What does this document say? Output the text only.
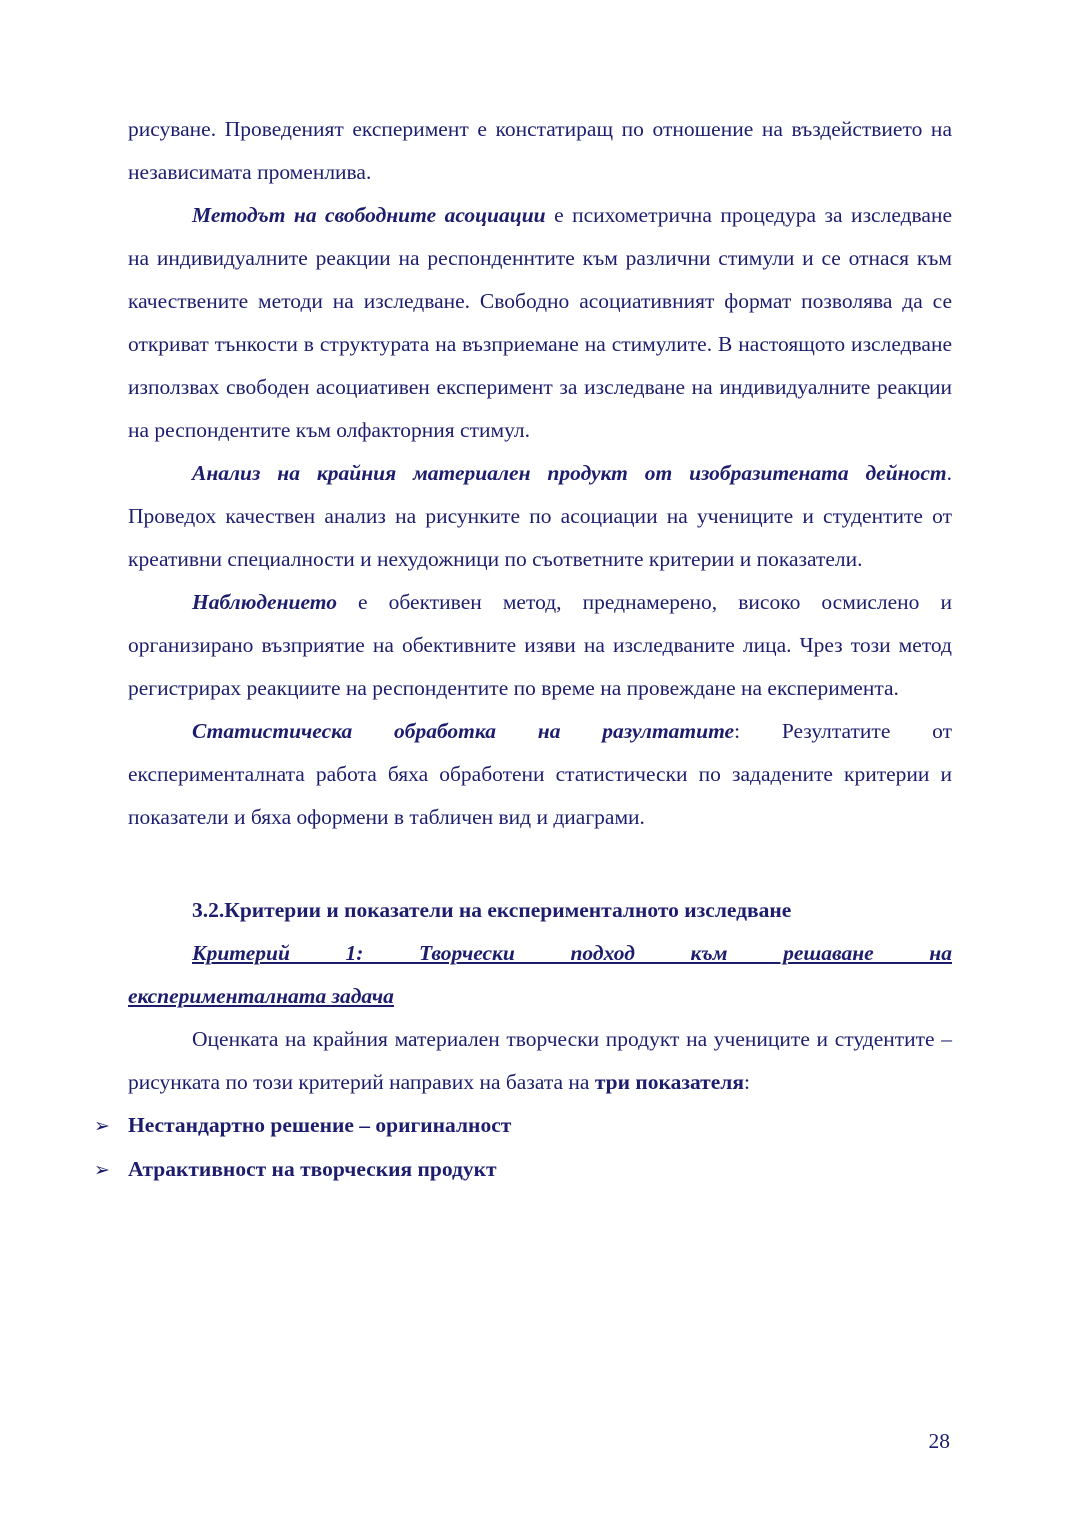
рисуване. Проведеният експеримент е констатиращ по отношение на въздействието на независимата променлива.

Методът на свободните асоциации е психометрична процедура за изследване на индивидуалните реакции на респонденнтите към различни стимули и се отнася към качествените методи на изследване. Свободно асоциативният формат позволява да се откриват тънкости в структурата на възприемане на стимулите. В настоящото изследване използвах свободен асоциативен експеримент за изследване на индивидуалните реакции на респондентите към олфакторния стимул.

Анализ на крайния материален продукт от изобразитената дейност. Проведох качествен анализ на рисунките по асоциации на учениците и студентите от креативни специалности и нехудожници по съответните критерии и показатели.

Наблюдението е обективен метод, преднамерено, високо осмислено и организирано възприятие на обективните изяви на изследваните лица. Чрез този метод регистрирах реакциите на респондентите по време на провеждане на експеримента.

Статистическа обработка на разултатите: Резултатите от експерименталната работа бяха обработени статистически по зададените критерии и показатели и бяха оформени в табличен вид и диаграми.

3.2.Критерии и показатели на експерименталното изследване

Критерий 1: Творчески подход към решаване на

експерименталната задача

Оценката на крайния материален творчески продукт на учениците и студентите – рисунката по този критерий направих на базата на три показателя:

➢ Нестандартно решение – оригиналност
➢ Атрактивност на творческия продукт
28
